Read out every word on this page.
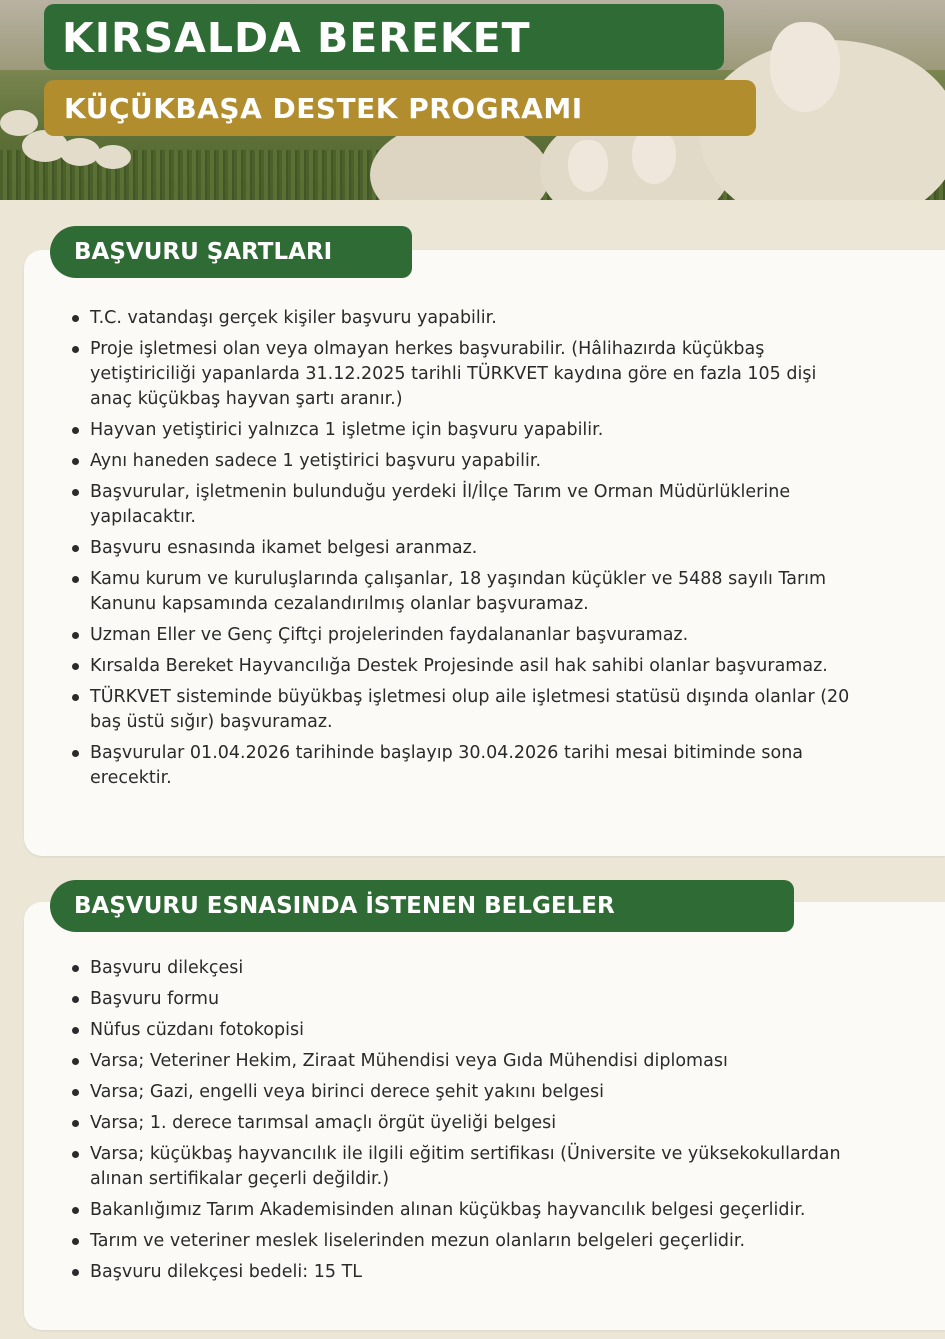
KIRSALDA BEREKET
KÜÇÜKBAŞA DESTEK PROGRAMI
T.C. vatandaşı gerçek kişiler başvuru yapabilir.
Proje işletmesi olan veya olmayan herkes başvurabilir. (Hâlihazırda küçükbaş
yetiştiriciliği yapanlarda 31.12.2025 tarihli TÜRKVET kaydına göre en fazla 105 dişi
anaç küçükbaş hayvan şartı aranır.)
Hayvan yetiştirici yalnızca 1 işletme için başvuru yapabilir.
Aynı haneden sadece 1 yetiştirici başvuru yapabilir.
Başvurular, işletmenin bulunduğu yerdeki İl/İlçe Tarım ve Orman Müdürlüklerine
yapılacaktır.
Başvuru esnasında ikamet belgesi aranmaz.
Kamu kurum ve kuruluşlarında çalışanlar, 18 yaşından küçükler ve 5488 sayılı Tarım
Kanunu kapsamında cezalandırılmış olanlar başvuramaz.
Uzman Eller ve Genç Çiftçi projelerinden faydalananlar başvuramaz.
Kırsalda Bereket Hayvancılığa Destek Projesinde asil hak sahibi olanlar başvuramaz.
TÜRKVET sisteminde büyükbaş işletmesi olup aile işletmesi statüsü dışında olanlar (20
baş üstü sığır) başvuramaz.
Başvurular 01.04.2026 tarihinde başlayıp 30.04.2026 tarihi mesai bitiminde sona
erecektir.
BAŞVURU ŞARTLARI
Başvuru dilekçesi
Başvuru formu
Nüfus cüzdanı fotokopisi
Varsa; Veteriner Hekim, Ziraat Mühendisi veya Gıda Mühendisi diploması
Varsa; Gazi, engelli veya birinci derece şehit yakını belgesi
Varsa; 1. derece tarımsal amaçlı örgüt üyeliği belgesi
Varsa; küçükbaş hayvancılık ile ilgili eğitim sertifikası (Üniversite ve yüksekokullardan
alınan sertifikalar geçerli değildir.)
Bakanlığımız Tarım Akademisinden alınan küçükbaş hayvancılık belgesi geçerlidir.
Tarım ve veteriner meslek liselerinden mezun olanların belgeleri geçerlidir.
Başvuru dilekçesi bedeli: 15 TL
BAŞVURU ESNASINDA İSTENEN BELGELER
